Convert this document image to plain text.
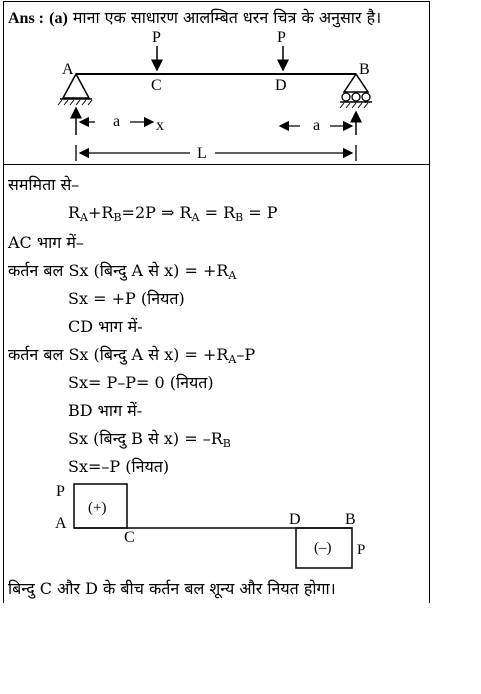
Ans : (a) माना एक साधारण आलम्बित धरन चित्र के अनुसार है।
P	P
A	B
C	D
a x	a
L
सममिता से–
$R_A+R_B=2P$ ⇒ $R_A = R_B = P$
AC भाग में–
कर्तन बल Sx (बिन्दु A से $x) = +R_A$
Sx = +P (नियत)
CD भाग में-
कर्तन बल Sx (बिन्दु A से $x) = +R_A-P$
Sx= P–P= 0 (नियत)
BD भाग में-
Sx (बिन्दु B से $x) = -R_B$
Sx=–P (नियत)
P
A
(+)
C
D	B
(–) P
बिन्दु C और D के बीच कर्तन बल शून्य और नियत होगा।
